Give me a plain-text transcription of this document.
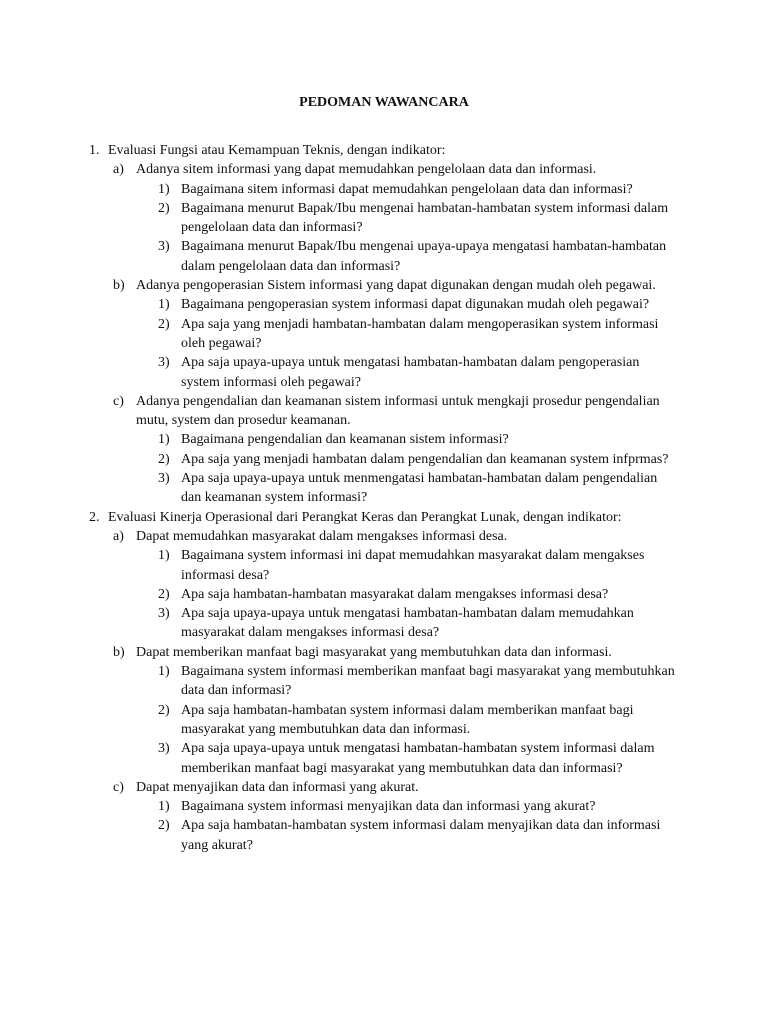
PEDOMAN WAWANCARA
1. Evaluasi Fungsi atau Kemampuan Teknis, dengan indikator:
a) Adanya sitem informasi yang dapat memudahkan pengelolaan data dan informasi.
1) Bagaimana sitem informasi dapat memudahkan pengelolaan data dan informasi?
2) Bagaimana menurut Bapak/Ibu mengenai hambatan-hambatan system informasi dalam pengelolaan data dan informasi?
3) Bagaimana menurut Bapak/Ibu mengenai upaya-upaya mengatasi hambatan-hambatan dalam pengelolaan data dan informasi?
b) Adanya pengoperasian Sistem informasi yang dapat digunakan dengan mudah oleh pegawai.
1) Bagaimana pengoperasian system informasi dapat digunakan mudah oleh pegawai?
2) Apa saja yang menjadi hambatan-hambatan dalam mengoperasikan system informasi oleh pegawai?
3) Apa saja upaya-upaya untuk mengatasi hambatan-hambatan dalam pengoperasian system informasi oleh pegawai?
c) Adanya pengendalian dan keamanan sistem informasi untuk mengkaji prosedur pengendalian mutu, system dan prosedur keamanan.
1) Bagaimana pengendalian dan keamanan sistem informasi?
2) Apa saja yang menjadi hambatan dalam pengendalian dan keamanan system infprmas?
3) Apa saja upaya-upaya untuk menmengatasi hambatan-hambatan dalam pengendalian dan keamanan system informasi?
2. Evaluasi Kinerja Operasional dari Perangkat Keras dan Perangkat Lunak, dengan indikator:
a) Dapat memudahkan masyarakat dalam mengakses informasi desa.
1) Bagaimana system informasi ini dapat memudahkan masyarakat dalam mengakses informasi desa?
2) Apa saja hambatan-hambatan masyarakat dalam mengakses informasi desa?
3) Apa saja upaya-upaya untuk mengatasi hambatan-hambatan dalam memudahkan masyarakat dalam mengakses informasi desa?
b) Dapat memberikan manfaat bagi masyarakat yang membutuhkan data dan informasi.
1) Bagaimana system informasi memberikan manfaat bagi masyarakat yang membutuhkan data dan informasi?
2) Apa saja hambatan-hambatan system informasi dalam memberikan manfaat bagi masyarakat yang membutuhkan data dan informasi.
3) Apa saja upaya-upaya untuk mengatasi hambatan-hambatan system informasi dalam memberikan manfaat bagi masyarakat yang membutuhkan data dan informasi?
c) Dapat menyajikan data dan informasi yang akurat.
1) Bagaimana system informasi menyajikan data dan informasi yang akurat?
2) Apa saja hambatan-hambatan system informasi dalam menyajikan data dan informasi yang akurat?
